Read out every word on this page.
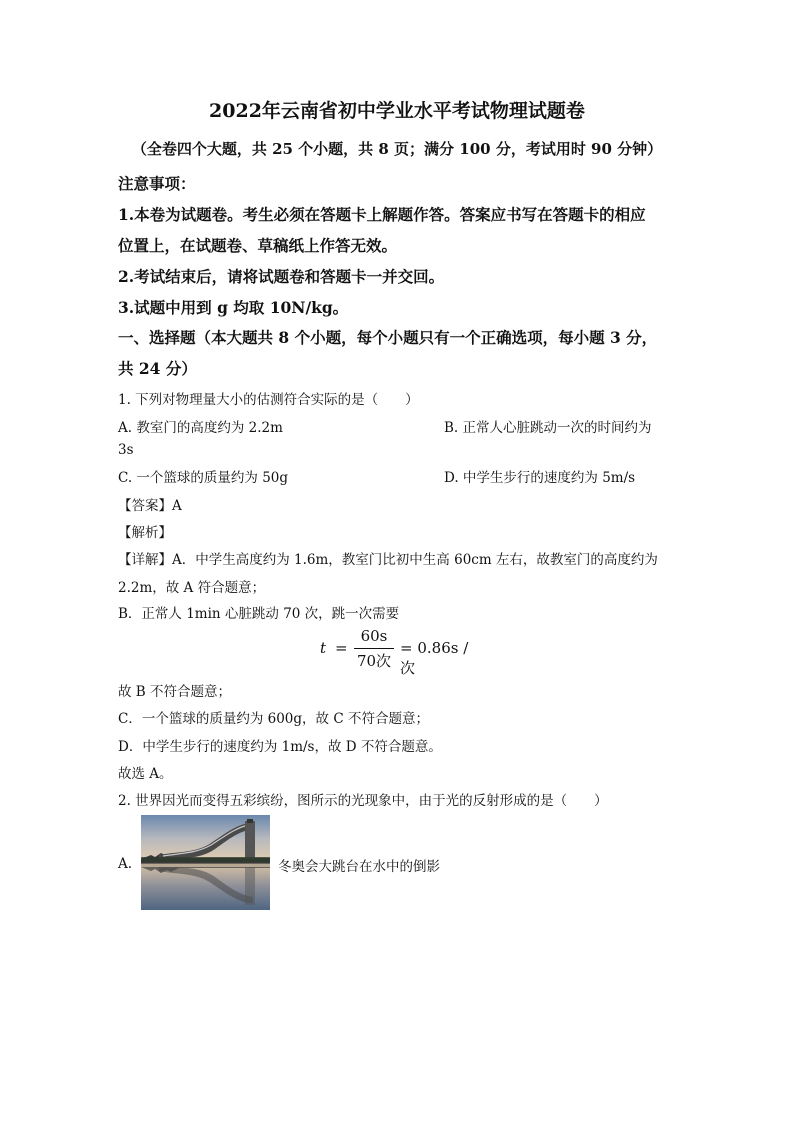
2022年云南省初中学业水平考试物理试题卷
（全卷四个大题，共 25 个小题，共 8 页；满分 100 分，考试用时 90 分钟）
注意事项：
1.本卷为试题卷。考生必须在答题卡上解题作答。答案应书写在答题卡的相应
位置上，在试题卷、草稿纸上作答无效。
2.考试结束后，请将试题卷和答题卡一并交回。
3.试题中用到 g 均取 10N/kg。
一、选择题（本大题共 8 个小题，每个小题只有一个正确选项，每小题 3 分，
共 24 分）
1. 下列对物理量大小的估测符合实际的是（　　）
A. 教室门的高度约为 2.2m	B. 正常人心脏跳动一次的时间约为
3s
C. 一个篮球的质量约为 50g	D. 中学生步行的速度约为 5m/s
【答案】A
【解析】
【详解】A．中学生高度约为 1.6m，教室门比初中生高 60cm 左右，故教室门的高度约为
2.2m，故 A 符合题意；
B．正常人 1min 心脏跳动 70 次，跳一次需要
t =
60s
70次
= 0.86s / 次
故 B 不符合题意；
C．一个篮球的质量约为 600g，故 C 不符合题意；
D．中学生步行的速度约为 1m/s，故 D 不符合题意。
故选 A。
2. 世界因光而变得五彩缤纷，图所示的光现象中，由于光的反射形成的是（　　）
A.	冬奥会大跳台在水中的倒影
